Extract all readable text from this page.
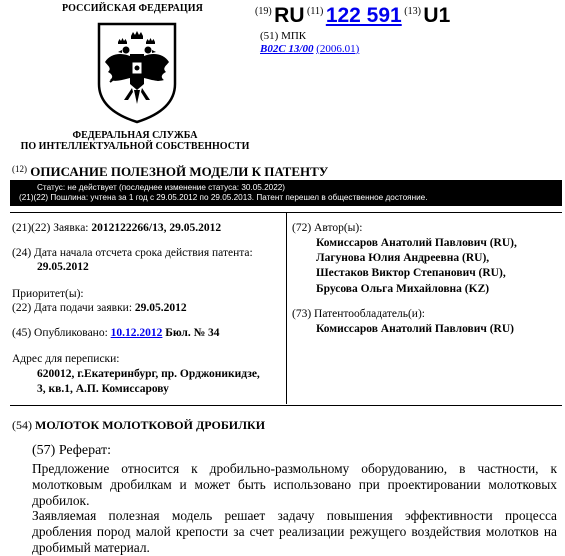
РОССИЙСКАЯ ФЕДЕРАЦИЯ
ФЕДЕРАЛЬНАЯ СЛУЖБА
ПО ИНТЕЛЛЕКТУАЛЬНОЙ СОБСТВЕННОСТИ
(19) RU (11) 122 591 (13) U1
(51) МПК
B02C 13/00 (2006.01)
$^{(12)}$ ОПИСАНИЕ ПОЛЕЗНОЙ МОДЕЛИ К ПАТЕНТУ
Статус: не действует (последнее изменение статуса: 30.05.2022)
(21)(22) Пошлина: учтена за 1 год с 29.05.2012 по 29.05.2013. Патент перешел в общественное достояние.
(21)(22) Заявка: 2012122266/13, 29.05.2012
(24) Дата начала отсчета срока действия патента:
29.05.2012
Приоритет(ы):
(22) Дата подачи заявки: 29.05.2012
(45) Опубликовано: 10.12.2012 Бюл. № 34
Адрес для переписки:
620012, г.Екатеринбург, пр. Орджоникидзе,
3, кв.1, А.П. Комиссарову
(72) Автор(ы):
Комиссаров Анатолий Павлович (RU),
Лагунова Юлия Андреевна (RU),
Шестаков Виктор Степанович (RU),
Брусова Ольга Михайловна (KZ)
(73) Патентообладатель(и):
Комиссаров Анатолий Павлович (RU)
(54) МОЛОТОК МОЛОТКОВОЙ ДРОБИЛКИ
(57) Реферат:
Предложение относится к дробильно-размольному оборудованию, в частности, к молотковым дробилкам и может быть использовано при проектировании молотковых дробилок.
Заявляемая полезная модель решает задачу повышения эффективности процесса дробления пород малой крепости за счет реализации режущего воздействия молотков на дробимый материал.
